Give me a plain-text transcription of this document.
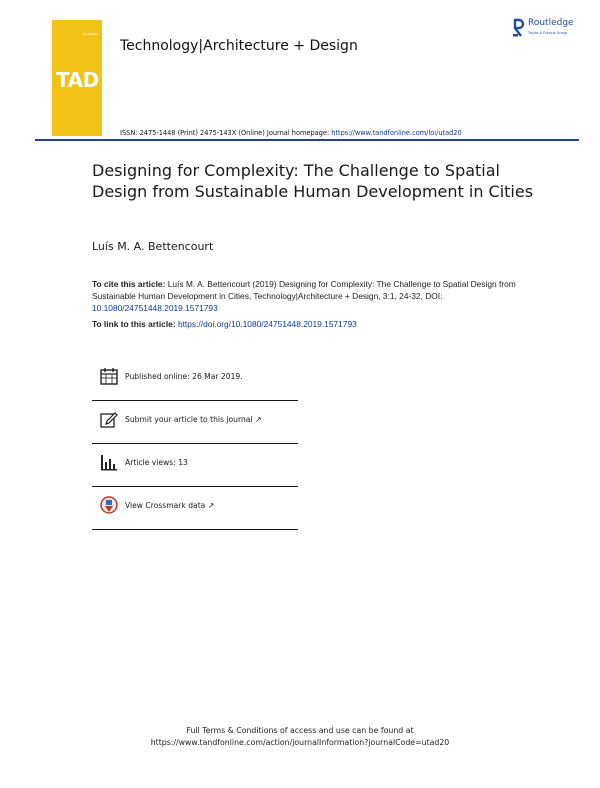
Routledge
TAD
Technology|Architecture + Design
Routledge
Taylor & Francis Group
ISSN: 2475-1448 (Print) 2475-143X (Online) Journal homepage: https://www.tandfonline.com/loi/utad20
Designing for Complexity: The Challenge to Spatial Design from Sustainable Human Development in Cities
Luís M. A. Bettencourt
To cite this article: Luís M. A. Bettencourt (2019) Designing for Complexity: The Challenge to Spatial Design from Sustainable Human Development in Cities, Technology|Architecture + Design, 3:1, 24-32, DOI: 10.1080/24751448.2019.1571793
To link to this article: https://doi.org/10.1080/24751448.2019.1571793
Published online: 26 Mar 2019.
Submit your article to this journal ↗
Article views: 13
View Crossmark data ↗
Full Terms & Conditions of access and use can be found at
https://www.tandfonline.com/action/journalInformation?journalCode=utad20
